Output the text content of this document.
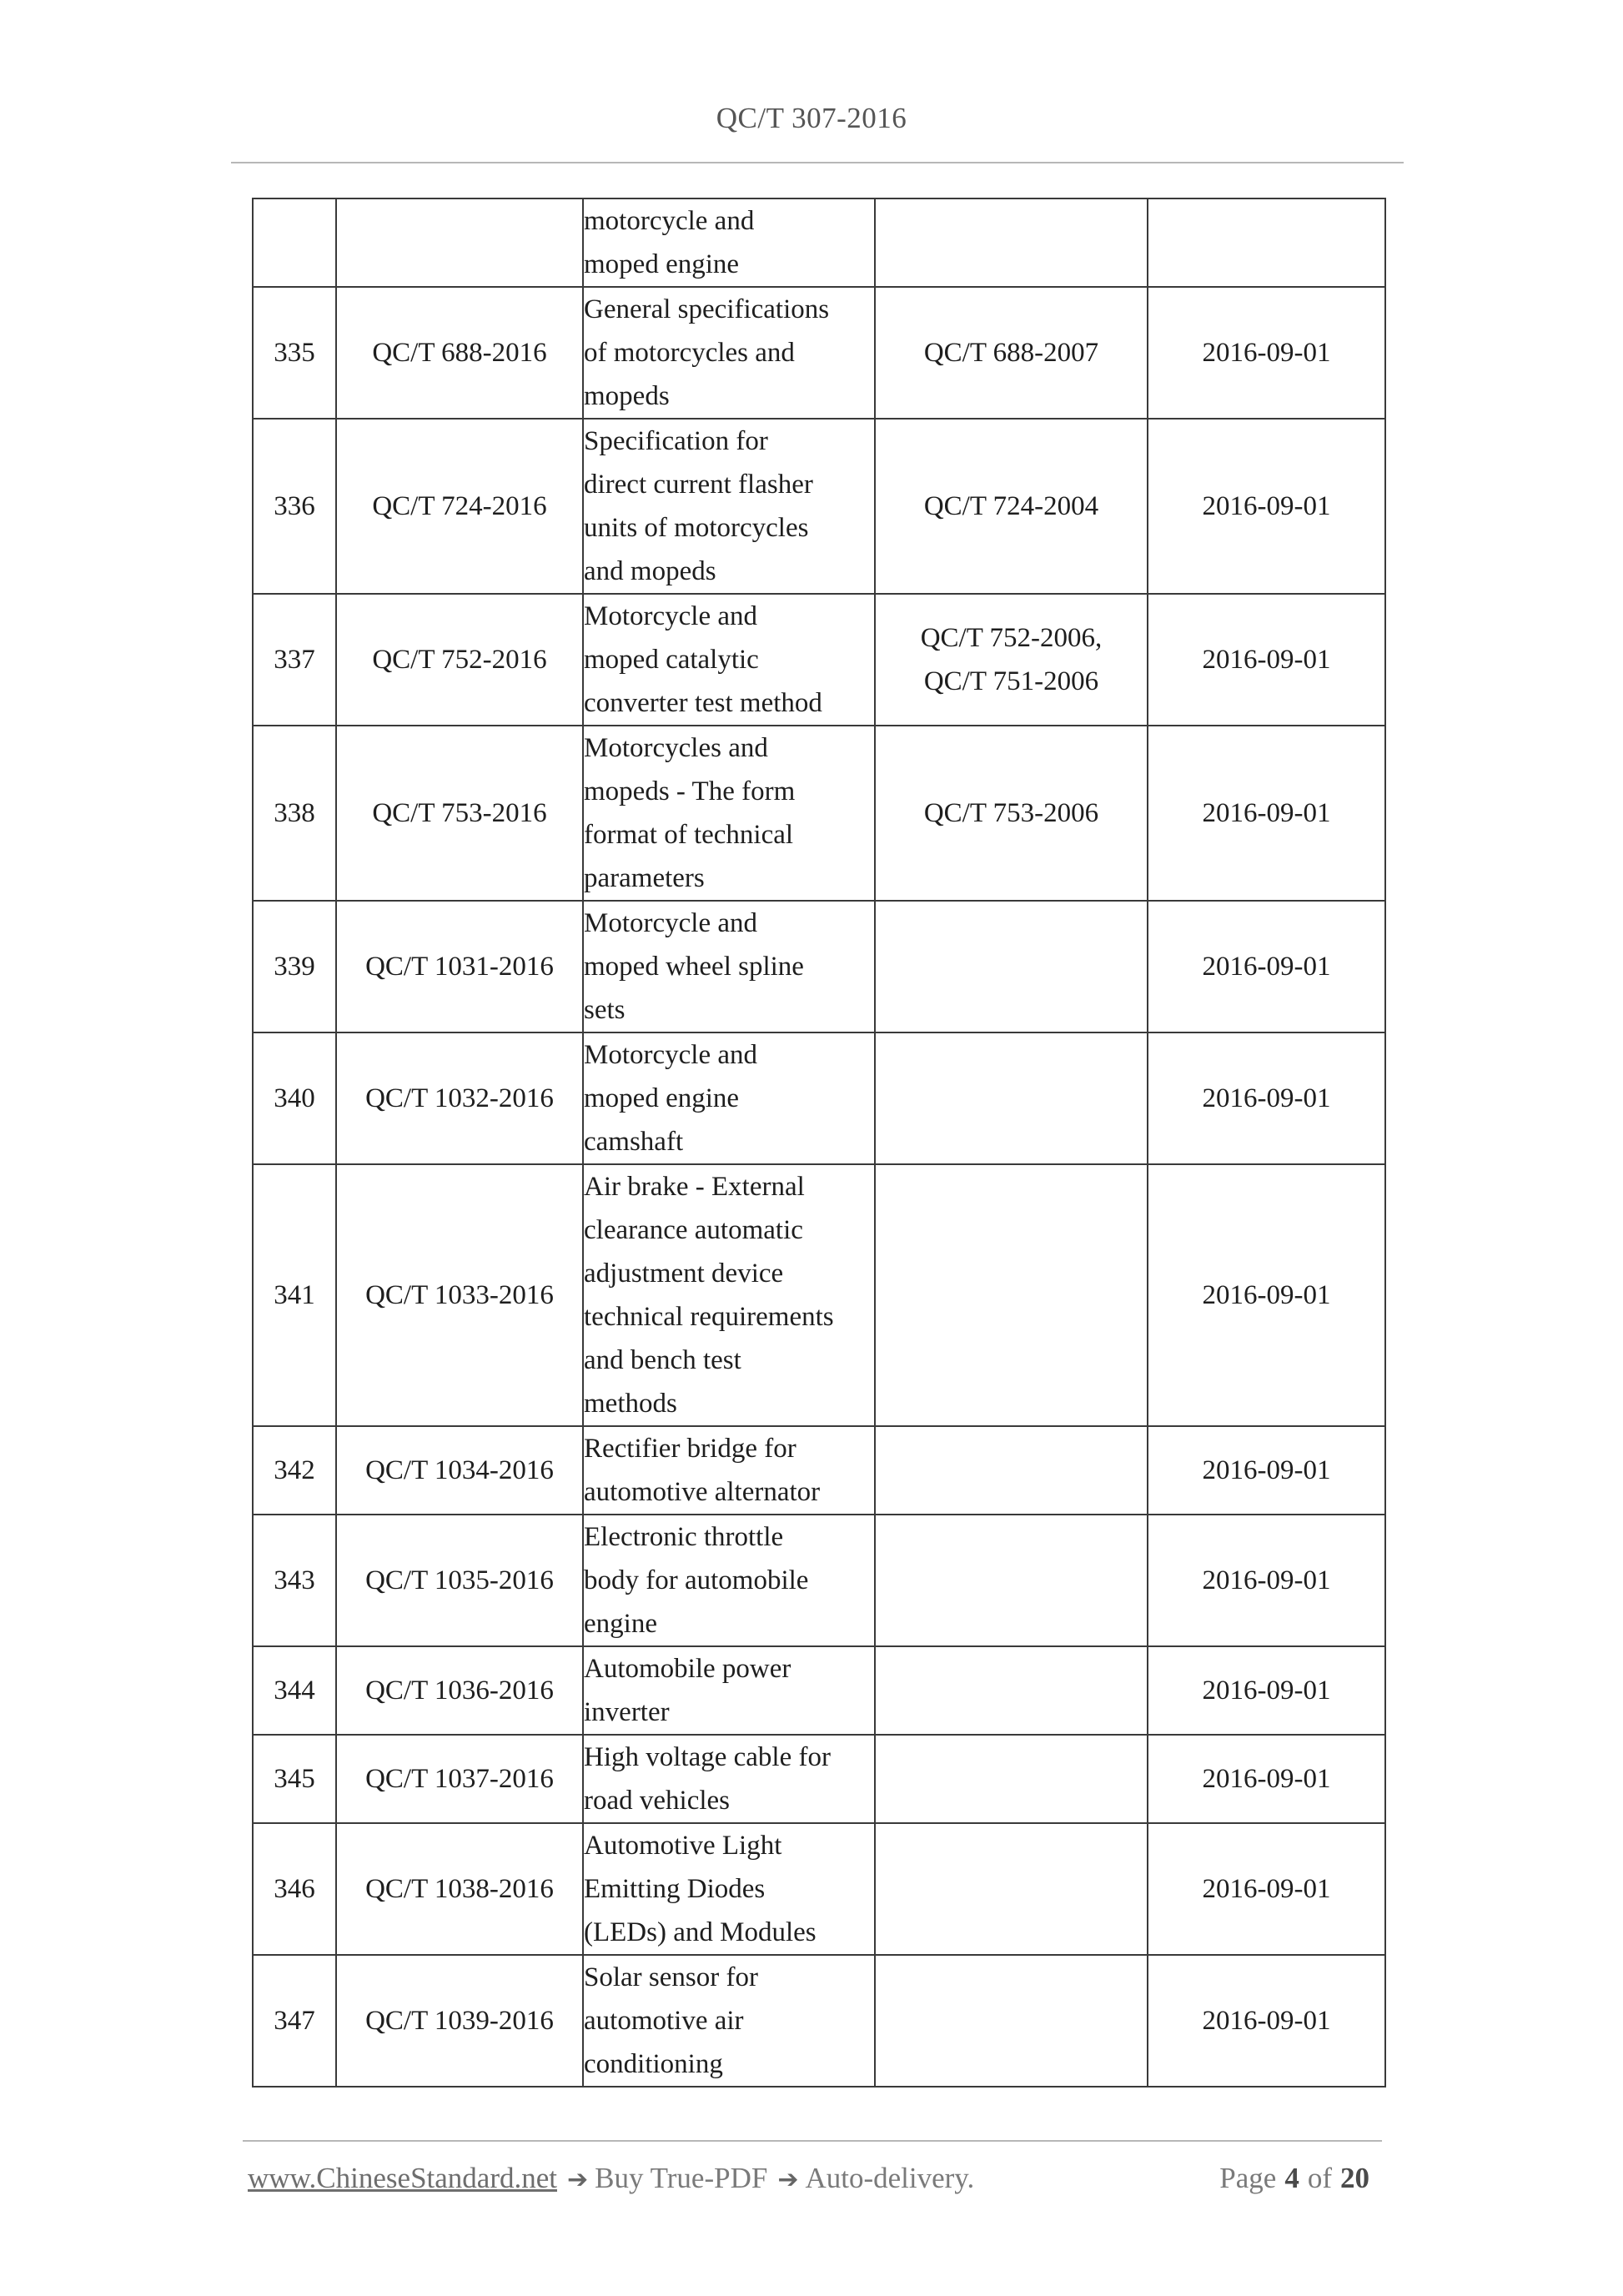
QC/T 307-2016

motorcycle and
moped engine

335	QC/T 688-2016	
General specifications
of motorcycles and
mopeds

QC/T 688-2007	2016-09-01
336	QC/T 724-2016	
Specification for
direct current flasher
units of motorcycles
and mopeds

QC/T 724-2004	2016-09-01
337	QC/T 752-2016	
Motorcycle and
moped catalytic
converter test method

QC/T 752-2006,
QC/T 751-2006
	2016-09-01
338	QC/T 753-2016	
Motorcycles and
mopeds - The form
format of technical
parameters

QC/T 753-2006	2016-09-01
339	QC/T 1031-2016	
Motorcycle and
moped wheel spline
sets
		2016-09-01
340	QC/T 1032-2016	
Motorcycle and
moped engine
camshaft
		2016-09-01
341	QC/T 1033-2016	
Air brake - External
clearance automatic
adjustment device
technical requirements
and bench test
methods
		2016-09-01
342	QC/T 1034-2016	
Rectifier bridge for
automotive alternator
		2016-09-01
343	QC/T 1035-2016	
Electronic throttle
body for automobile
engine
		2016-09-01
344	QC/T 1036-2016	
Automobile power
inverter
		2016-09-01
345	QC/T 1037-2016	
High voltage cable for
road vehicles
		2016-09-01
346	QC/T 1038-2016	
Automotive Light
Emitting Diodes
(LEDs) and Modules
		2016-09-01
347	QC/T 1039-2016	
Solar sensor for
automotive air
conditioning
		2016-09-01
www.ChineseStandard.net ➔ Buy True-PDF ➔ Auto-delivery.	Page 4 of 20
